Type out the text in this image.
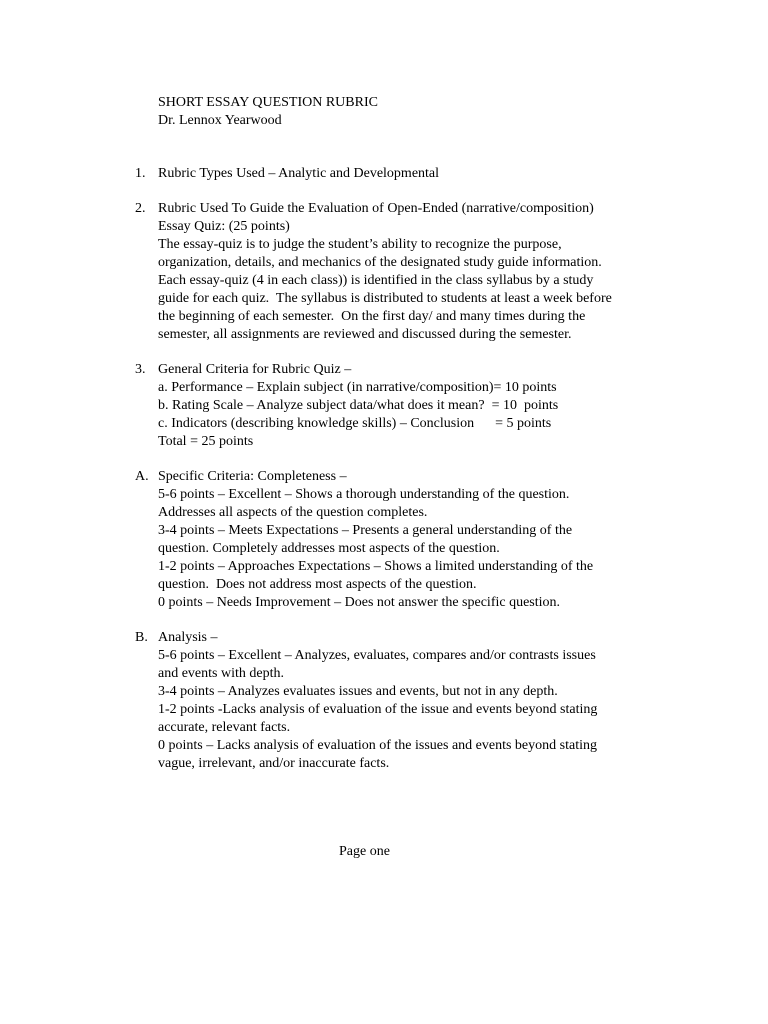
SHORT ESSAY QUESTION RUBRIC
Dr. Lennox Yearwood
1. Rubric Types Used – Analytic and Developmental
2. Rubric Used To Guide the Evaluation of Open-Ended (narrative/composition)
Essay Quiz: (25 points)
The essay-quiz is to judge the student’s ability to recognize the purpose,
organization, details, and mechanics of the designated study guide information.
Each essay-quiz (4 in each class)) is identified in the class syllabus by a study
guide for each quiz.  The syllabus is distributed to students at least a week before
the beginning of each semester.  On the first day/ and many times during the
semester, all assignments are reviewed and discussed during the semester.
3. General Criteria for Rubric Quiz –
a. Performance – Explain subject (in narrative/composition)= 10 points
b. Rating Scale – Analyze subject data/what does it mean?  = 10  points
c. Indicators (describing knowledge skills) – Conclusion      = 5 points
Total = 25 points
A. Specific Criteria: Completeness –
5-6 points – Excellent – Shows a thorough understanding of the question.
Addresses all aspects of the question completes.
3-4 points – Meets Expectations – Presents a general understanding of the
question. Completely addresses most aspects of the question.
1-2 points – Approaches Expectations – Shows a limited understanding of the
question.  Does not address most aspects of the question.
0 points – Needs Improvement – Does not answer the specific question.
B. Analysis –
5-6 points – Excellent – Analyzes, evaluates, compares and/or contrasts issues
and events with depth.
3-4 points – Analyzes evaluates issues and events, but not in any depth.
1-2 points -Lacks analysis of evaluation of the issue and events beyond stating
accurate, relevant facts.
0 points – Lacks analysis of evaluation of the issues and events beyond stating
vague, irrelevant, and/or inaccurate facts.
Page one
